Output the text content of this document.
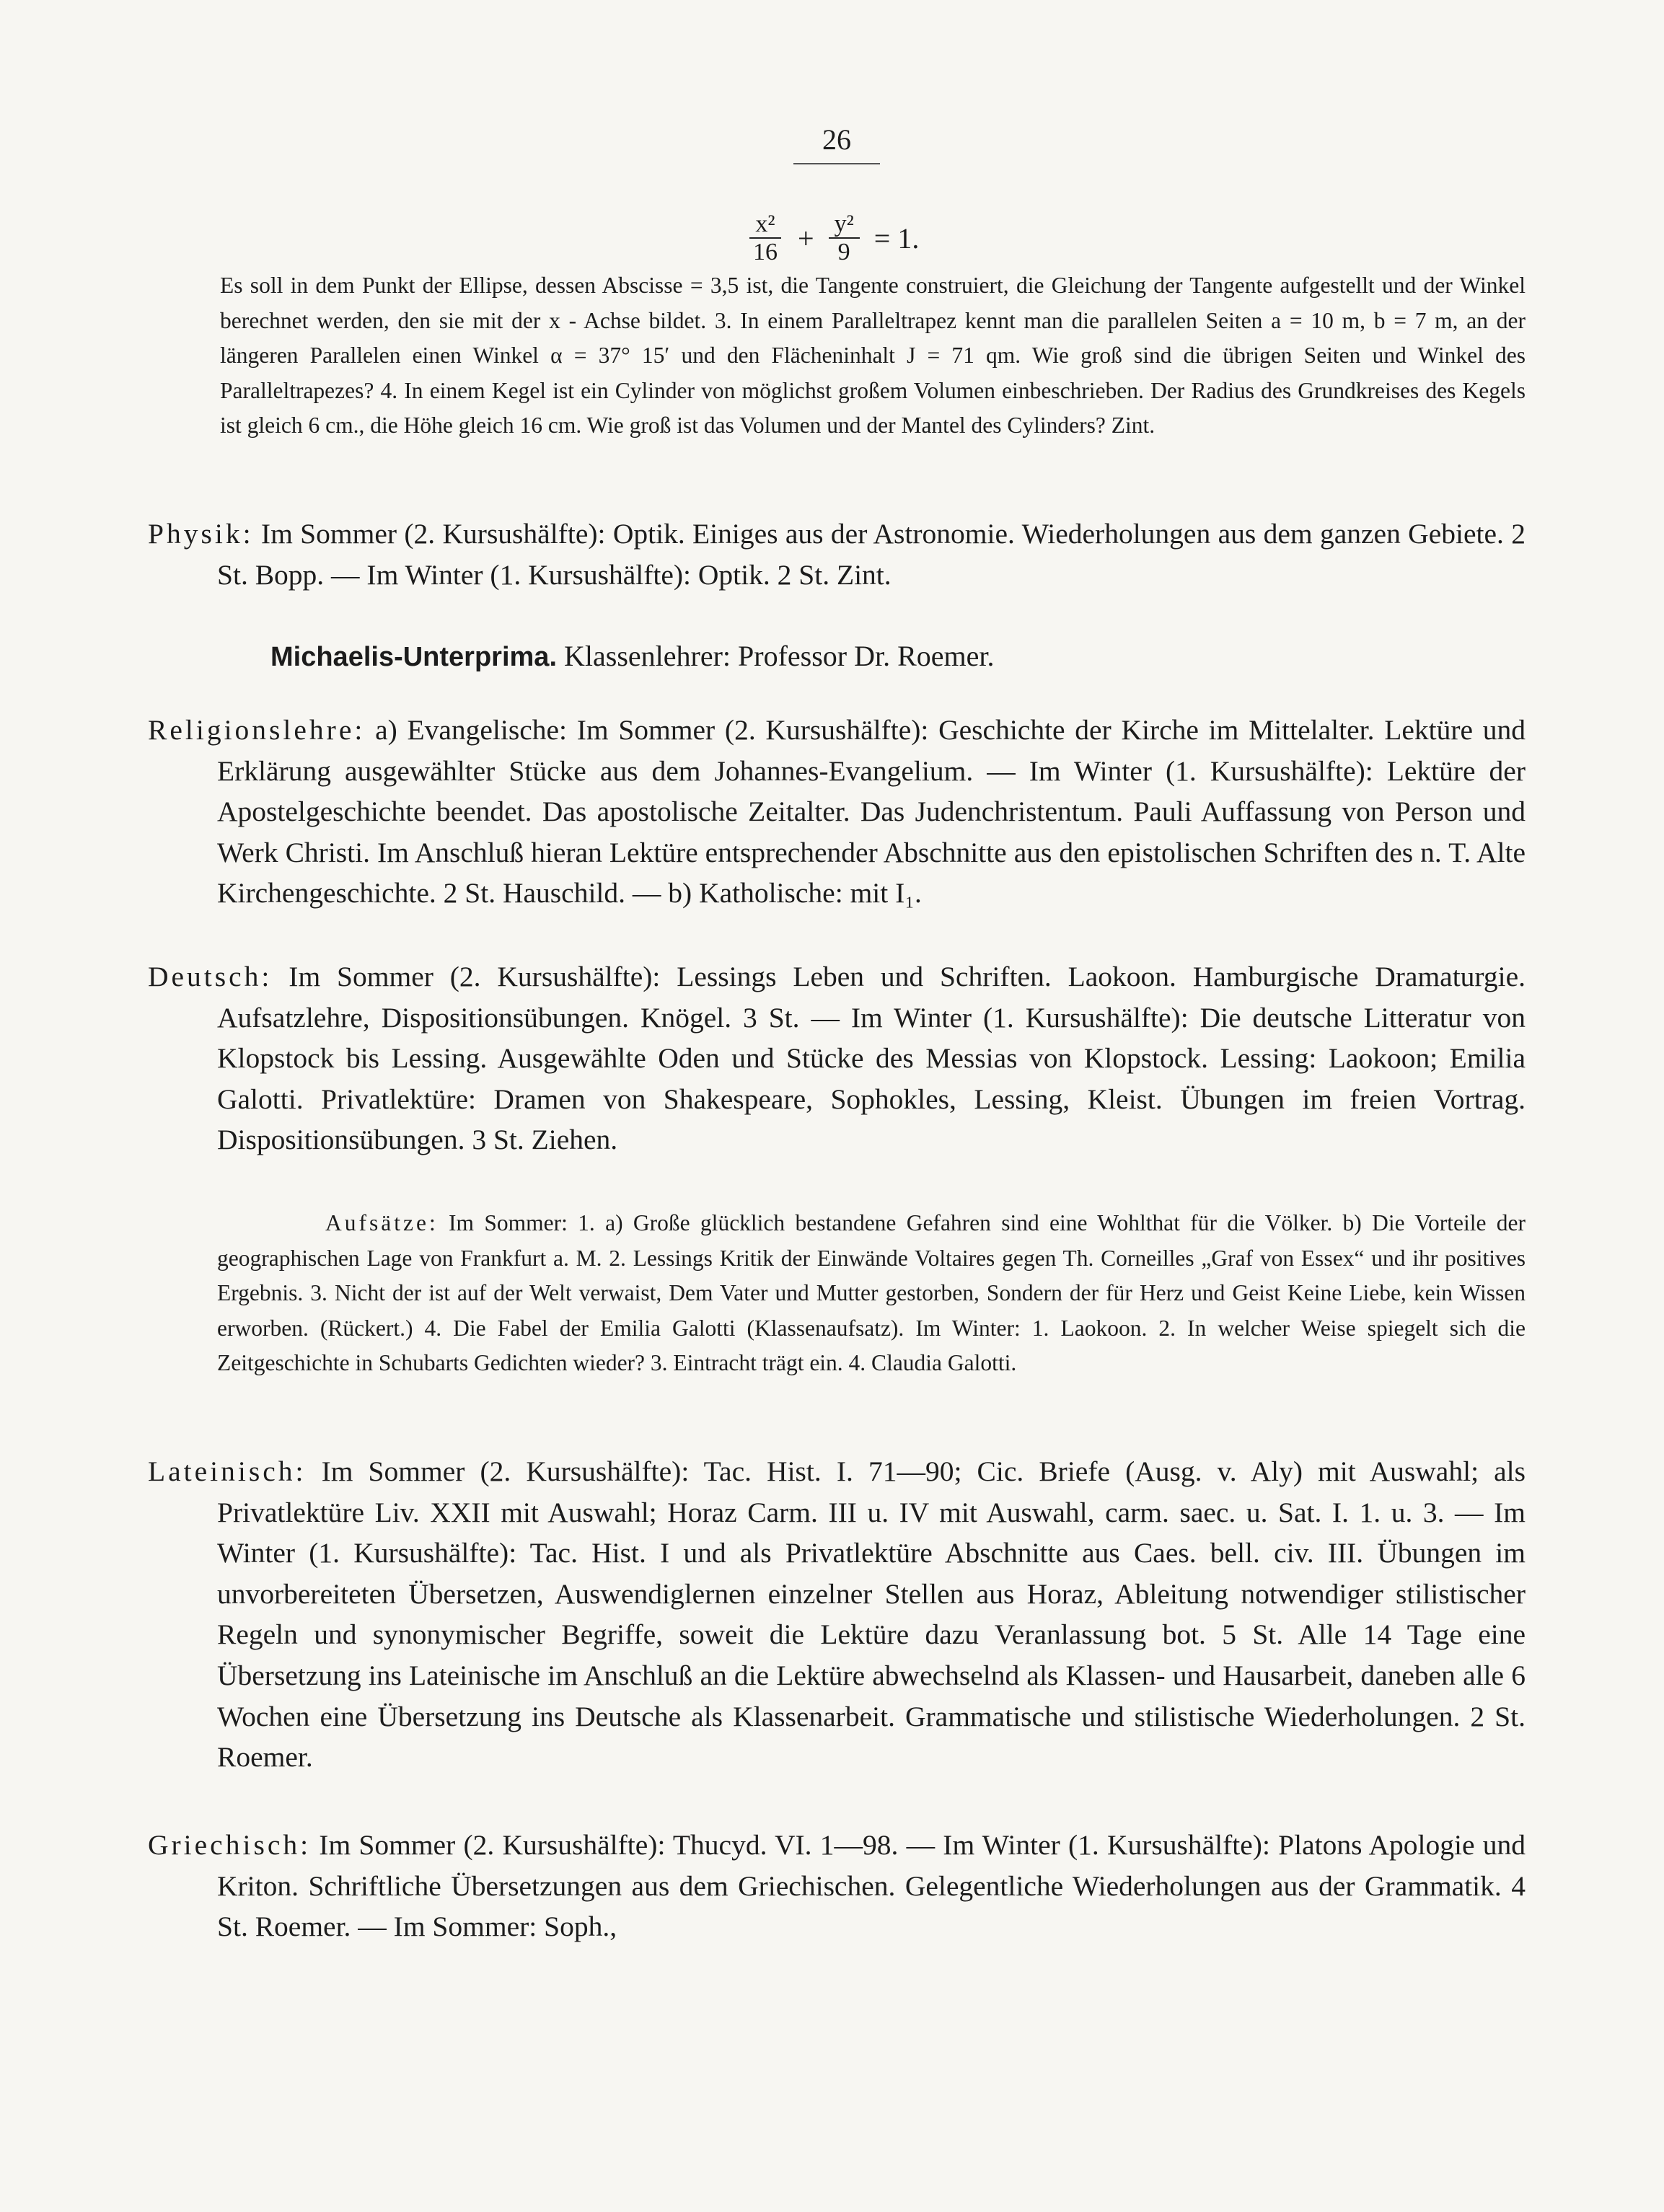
26
$\frac{\text{x²}}{16} + \frac{\text{y²}}{9} = 1$.

Es soll in dem Punkt der Ellipse, dessen Abscisse = 3,5 ist, die Tangente construiert, die Gleichung der Tangente aufgestellt und der Winkel berechnet werden, den sie mit der x - Achse bildet. 3. In einem Paralleltrapez kennt man die parallelen Seiten a = 10 m, b = 7 m, an der längeren Parallelen einen Winkel α = 37° 15′ und den Flächeninhalt J = 71 qm. Wie groß sind die übrigen Seiten und Winkel des Paralleltrapezes? 4. In einem Kegel ist ein Cylinder von möglichst großem Volumen einbeschrieben. Der Radius des Grundkreises des Kegels ist gleich 6 cm., die Höhe gleich 16 cm. Wie groß ist das Volumen und der Mantel des Cylinders? Zint.

Physik: Im Sommer (2. Kursushälfte): Optik. Einiges aus der Astronomie. Wiederholungen aus dem ganzen Gebiete. 2 St. Bopp. — Im Winter (1. Kursushälfte): Optik. 2 St. Zint.

Michaelis-Unterprima. Klassenlehrer: Professor Dr. Roemer.

Religionslehre: a) Evangelische: Im Sommer (2. Kursushälfte): Geschichte der Kirche im Mittelalter. Lektüre und Erklärung ausgewählter Stücke aus dem Johannes-Evangelium. — Im Winter (1. Kursushälfte): Lektüre der Apostelgeschichte beendet. Das apostolische Zeitalter. Das Judenchristentum. Pauli Auffassung von Person und Werk Christi. Im Anschluß hieran Lektüre entsprechender Abschnitte aus den epistolischen Schriften des n. T. Alte Kirchengeschichte. 2 St. Hauschild. — b) Katholische: mit I₁.

Deutsch: Im Sommer (2. Kursushälfte): Lessings Leben und Schriften. Laokoon. Hamburgische Dramaturgie. Aufsatzlehre, Dispositionsübungen. Knögel. 3 St. — Im Winter (1. Kursushälfte): Die deutsche Litteratur von Klopstock bis Lessing. Ausgewählte Oden und Stücke des Messias von Klopstock. Lessing: Laokoon; Emilia Galotti. Privatlektüre: Dramen von Shakespeare, Sophokles, Lessing, Kleist. Übungen im freien Vortrag. Dispositionsübungen. 3 St. Ziehen.

Aufsätze: Im Sommer: 1. a) Große glücklich bestandene Gefahren sind eine Wohlthat für die Völker. b) Die Vorteile der geographischen Lage von Frankfurt a. M. 2. Lessings Kritik der Einwände Voltaires gegen Th. Corneilles „Graf von Essex“ und ihr positives Ergebnis. 3. Nicht der ist auf der Welt verwaist, Dem Vater und Mutter gestorben, Sondern der für Herz und Geist Keine Liebe, kein Wissen erworben. (Rückert.) 4. Die Fabel der Emilia Galotti (Klassenaufsatz). Im Winter: 1. Laokoon. 2. In welcher Weise spiegelt sich die Zeitgeschichte in Schubarts Gedichten wieder? 3. Eintracht trägt ein. 4. Claudia Galotti.

Lateinisch: Im Sommer (2. Kursushälfte): Tac. Hist. I. 71—90; Cic. Briefe (Ausg. v. Aly) mit Auswahl; als Privatlektüre Liv. XXII mit Auswahl; Horaz Carm. III u. IV mit Auswahl, carm. saec. u. Sat. I. 1. u. 3. — Im Winter (1. Kursushälfte): Tac. Hist. I und als Privatlektüre Abschnitte aus Caes. bell. civ. III. Übungen im unvorbereiteten Übersetzen, Auswendiglernen einzelner Stellen aus Horaz, Ableitung notwendiger stilistischer Regeln und synonymischer Begriffe, soweit die Lektüre dazu Veranlassung bot. 5 St. Alle 14 Tage eine Übersetzung ins Lateinische im Anschluß an die Lektüre abwechselnd als Klassen- und Hausarbeit, daneben alle 6 Wochen eine Übersetzung ins Deutsche als Klassenarbeit. Grammatische und stilistische Wiederholungen. 2 St. Roemer.

Griechisch: Im Sommer (2. Kursushälfte): Thucyd. VI. 1—98. — Im Winter (1. Kursushälfte): Platons Apologie und Kriton. Schriftliche Übersetzungen aus dem Griechischen. Gelegentliche Wiederholungen aus der Grammatik. 4 St. Roemer. — Im Sommer: Soph.,
